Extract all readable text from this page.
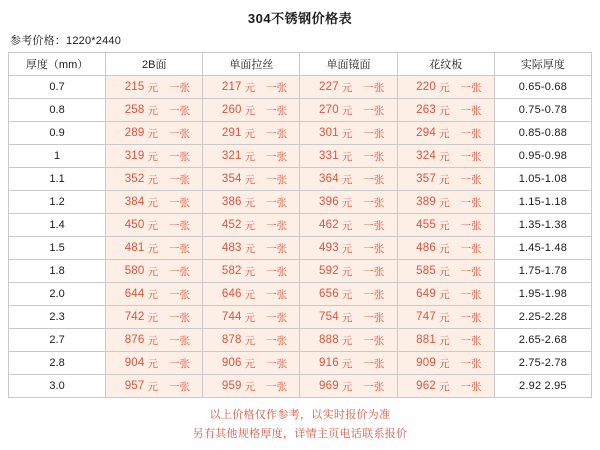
304不锈钢价格表
参考价格：1220*2440
厚度（mm）	2B面	单面拉丝	单面镜面	花纹板	实际厚度
0.7	215 元 一张	217 元 一张	227 元 一张	220 元 一张	0.65-0.68
0.8	258 元 一张	260 元 一张	270 元 一张	263 元 一张	0.75-0.78
0.9	289 元 一张	291 元 一张	301 元 一张	294 元 一张	0.85-0.88
1	319 元 一张	321 元 一张	331 元 一张	324 元 一张	0.95-0.98
1.1	352 元 一张	354 元 一张	364 元 一张	357 元 一张	1.05-1.08
1.2	384 元 一张	386 元 一张	396 元 一张	389 元 一张	1.15-1.18
1.4	450 元 一张	452 元 一张	462 元 一张	455 元 一张	1.35-1.38
1.5	481 元 一张	483 元 一张	493 元 一张	486 元 一张	1.45-1.48
1.8	580 元 一张	582 元 一张	592 元 一张	585 元 一张	1.75-1.78
2.0	644 元 一张	646 元 一张	656 元 一张	649 元 一张	1.95-1.98
2.3	742 元 一张	744 元 一张	754 元 一张	747 元 一张	2.25-2.28
2.7	876 元 一张	878 元 一张	888 元 一张	881 元 一张	2.65-2.68
2.8	904 元 一张	906 元 一张	916 元 一张	909 元 一张	2.75-2.78
3.0	957 元 一张	959 元 一张	969 元 一张	962 元 一张	2.92 2.95
以上价格仅作参考，以实时报价为准
另有其他规格厚度，详情主页电话联系报价
